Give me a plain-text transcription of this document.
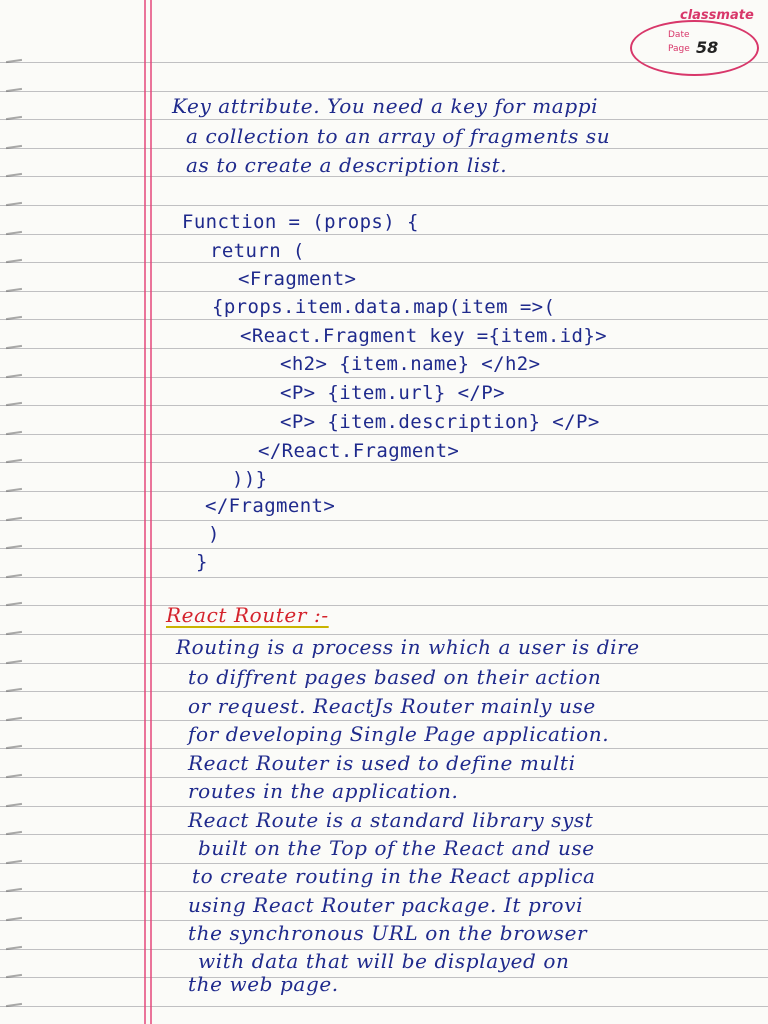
classmate
Date
Page 58
Key attribute. You need a key for mappi
a collection to an array of fragments su
as to create a description list.
Function = (props) {
return (
<Fragment>
{props.item.data.map(item =>(
<React.Fragment key ={item.id}>
<h2> {item.name} </h2>
<P> {item.url} </P>
<P> {item.description} </P>
</React.Fragment>
))}
</Fragment>
)
}
React Router :-
Routing is a process in which a user is dire
to diffrent pages based on their action
or request. ReactJs Router mainly use
for developing Single Page application.
React Router is used to define multi
routes in the application.
React Route is a standard library syst
built on the Top of the React and use
to create routing in the React applica
using React Router package. It provi
the synchronous URL on the browser
with data that will be displayed on
the web page.
